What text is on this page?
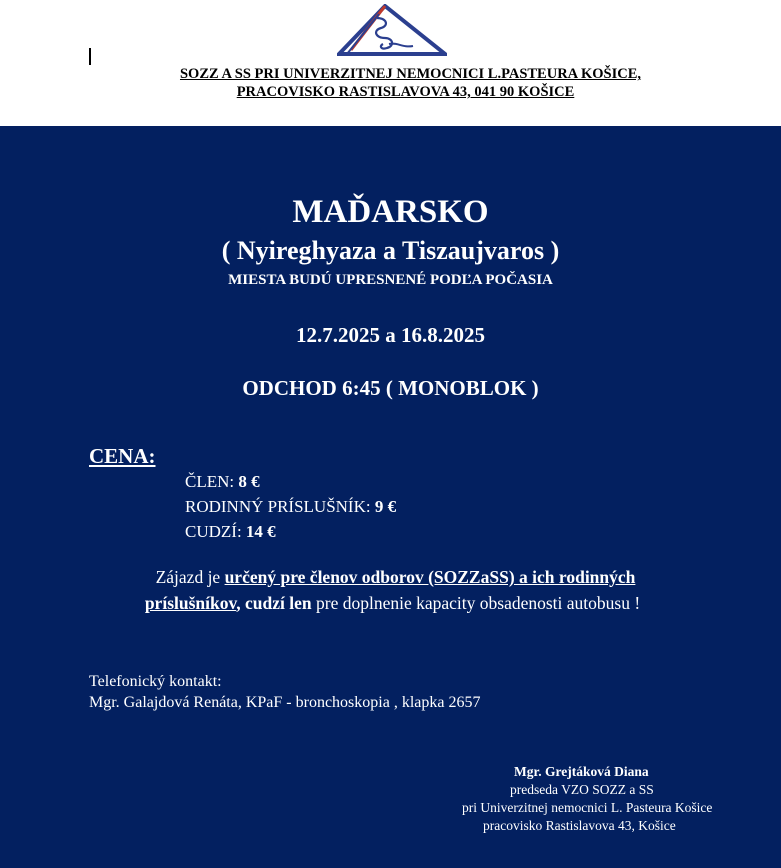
SOZZ A SS PRI UNIVERZITNEJ NEMOCNICI L.PASTEURA KOŠICE,
PRACOVISKO RASTISLAVOVA 43, 041 90 KOŠICE
MAĎARSKO
( Nyireghyaza a Tiszaujvaros )
MIESTA BUDÚ UPRESNENÉ PODĽA POČASIA
12.7.2025 a 16.8.2025
ODCHOD 6:45 ( MONOBLOK )
CENA:
ČLEN: 8 €
RODINNÝ PRÍSLUŠNÍK: 9 €
CUDZÍ: 14 €
Zájazd je určený pre členov odborov (SOZZaSS) a ich rodinných
príslušníkov, cudzí len pre doplnenie kapacity obsadenosti autobusu !
Telefonický kontakt:
Mgr. Galajdová Renáta, KPaF - bronchoskopia , klapka 2657
Mgr. Grejtáková Diana
predseda VZO SOZZ a SS
pri Univerzitnej nemocnici L. Pasteura Košice
pracovisko Rastislavova 43, Košice
